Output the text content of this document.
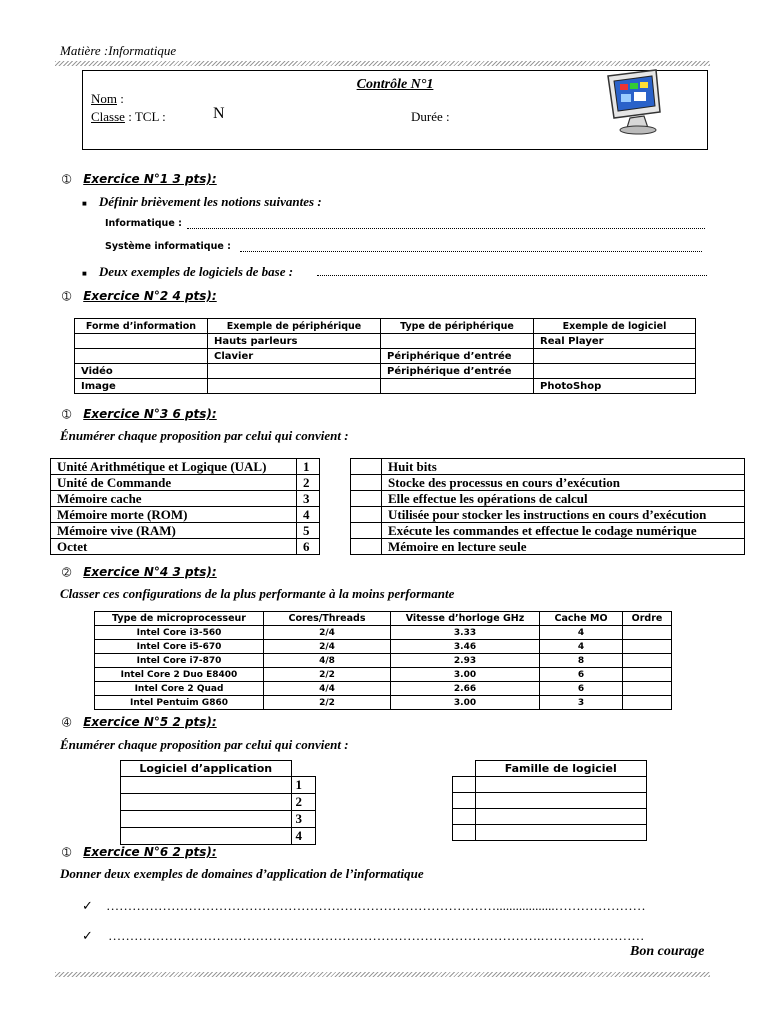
Matière :Informatique
Contrôle N°1
Nom :
Classe : TCL :	N	Durée :
➀ Exercice N°1 3 pts):
■ Définir brièvement les notions suivantes :
Informatique :
Système informatique :
■ Deux exemples de logiciels de base :
➀ Exercice N°2 4 pts):
Forme d’information	Exemple de périphérique	Type de périphérique	Exemple de logiciel
	Hauts parleurs		Real Player
	Clavier	Périphérique d’entrée	
Vidéo		Périphérique d’entrée	
Image			PhotoShop
➀ Exercice N°3 6 pts):
Énumérer chaque proposition par celui qui convient :
Unité Arithmétique et Logique (UAL)	1
Unité de Commande	2
Mémoire cache	3
Mémoire morte (ROM)	4
Mémoire vive (RAM)	5
Octet	6
	Huit bits
	Stocke des processus en cours d’exécution
	Elle effectue les opérations de calcul
	Utilisée pour stocker les instructions en cours d’exécution
	Exécute les commandes et effectue le codage numérique
	Mémoire en lecture seule
➁ Exercice N°4 3 pts):
Classer ces configurations de la plus performante à la moins performante
Type de microprocesseur	Cores/Threads	Vitesse d’horloge GHz	Cache MO	Ordre
Intel Core i3-560	2/4	3.33	4	
Intel Core i5-670	2/4	3.46	4	
Intel Core i7-870	4/8	2.93	8	
Intel Core 2 Duo E8400	2/2	3.00	6	
Intel Core 2 Quad	4/4	2.66	6	
Intel Pentuim G860	2/2	3.00	3	
➃ Exercice N°5 2 pts):
Énumérer chaque proposition par celui qui convient :
Logiciel d’application	
	1
	2
	3
	4
	Famille de logiciel

➀ Exercice N°6 2 pts):
Donner deux exemples de domaines d’application de l’informatique
✓ ………………………………………………………………………………..................…………………
✓ ……………………………………………………………………………………….……………………
Bon courage
